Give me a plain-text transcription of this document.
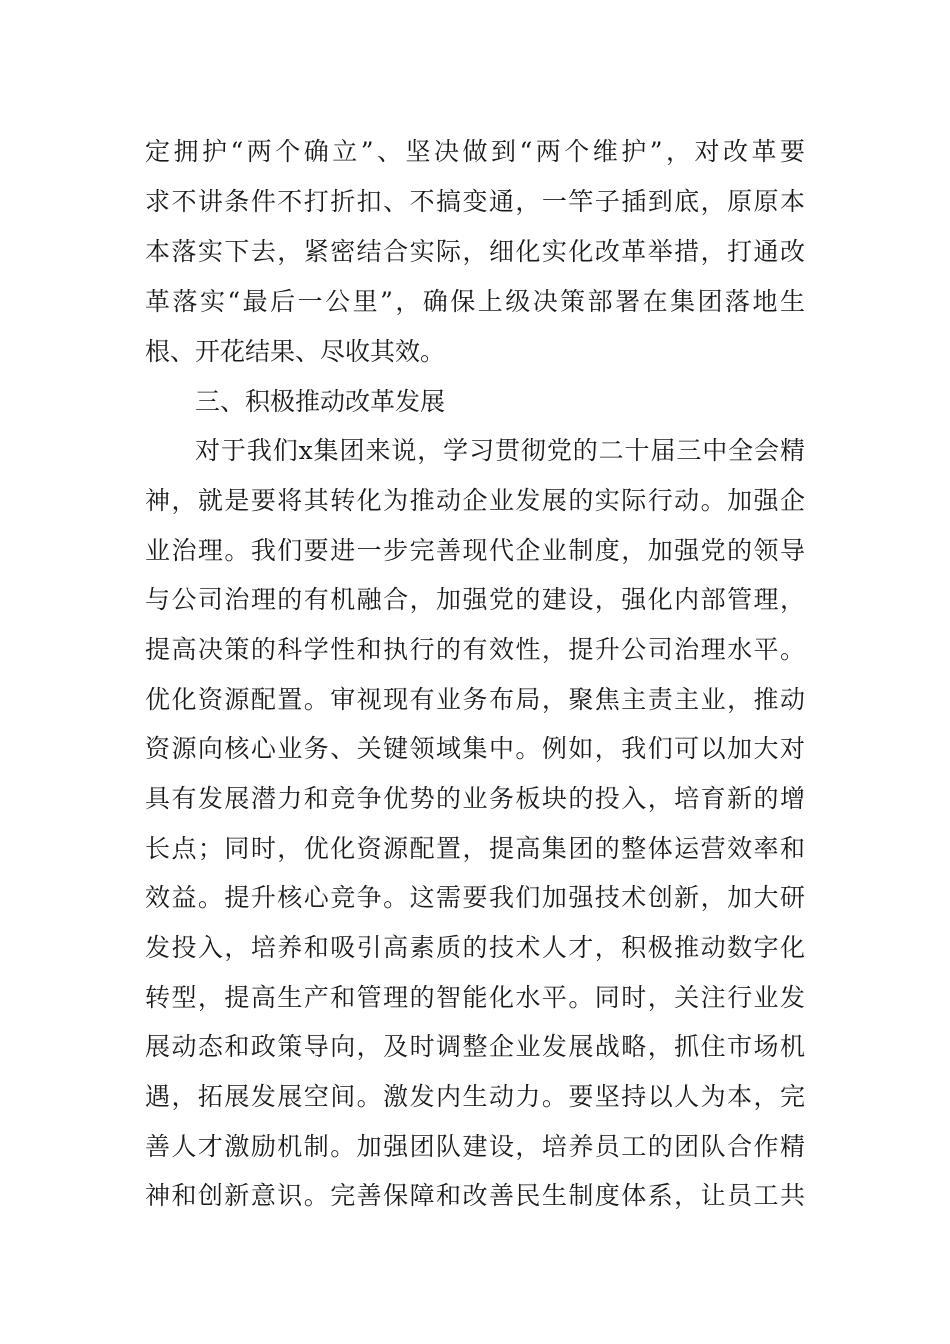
定拥护“两个确立”、坚决做到“两个维护”，对改革要
求不讲条件不打折扣、不搞变通，一竿子插到底，原原本
本落实下去，紧密结合实际，细化实化改革举措，打通改
革落实“最后一公里”，确保上级决策部署在集团落地生
根、开花结果、尽收其效。
三、积极推动改革发展
对于我们x集团来说，学习贯彻党的二十届三中全会精
神，就是要将其转化为推动企业发展的实际行动。加强企
业治理。我们要进一步完善现代企业制度，加强党的领导
与公司治理的有机融合，加强党的建设，强化内部管理，
提高决策的科学性和执行的有效性，提升公司治理水平。
优化资源配置。审视现有业务布局，聚焦主责主业，推动
资源向核心业务、关键领域集中。例如，我们可以加大对
具有发展潜力和竞争优势的业务板块的投入，培育新的增
长点；同时，优化资源配置，提高集团的整体运营效率和
效益。提升核心竞争。这需要我们加强技术创新，加大研
发投入，培养和吸引高素质的技术人才，积极推动数字化
转型，提高生产和管理的智能化水平。同时，关注行业发
展动态和政策导向，及时调整企业发展战略，抓住市场机
遇，拓展发展空间。激发内生动力。要坚持以人为本，完
善人才激励机制。加强团队建设，培养员工的团队合作精
神和创新意识。完善保障和改善民生制度体系，让员工共
